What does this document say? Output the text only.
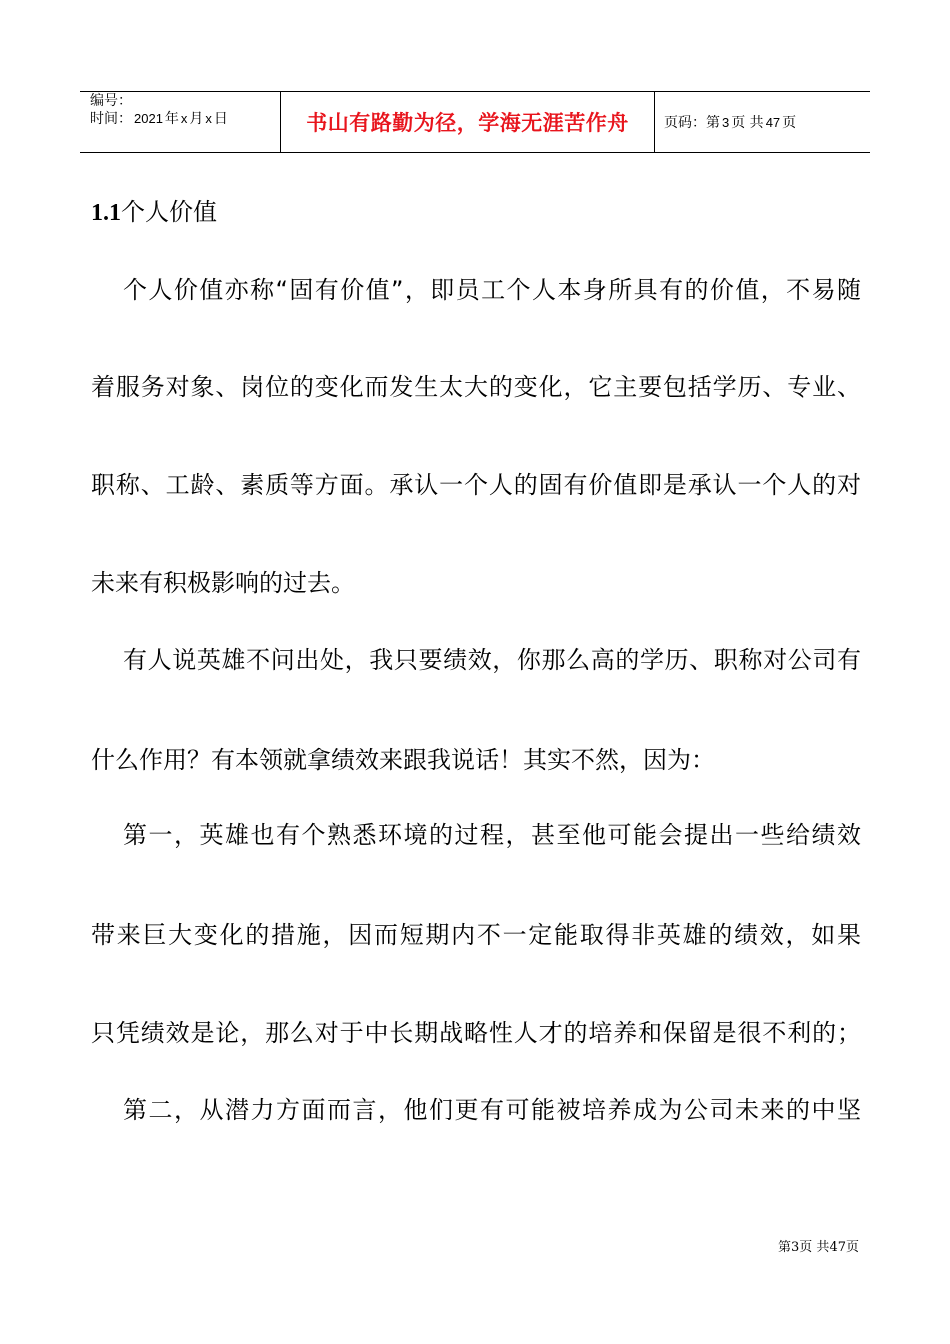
编号：
时间： 2021 年 x 月 x 日	书山有路勤为径，学海无涯苦作舟	页码：第 3 页 共 47 页
1.1个人价值
个人价值亦称“固有价值”，即员工个人本身所具有的价值，不易随
着服务对象、岗位的变化而发生太大的变化，它主要包括学历、专业、
职称、工龄、素质等方面。承认一个人的固有价值即是承认一个人的对
未来有积极影响的过去。
有人说英雄不问出处，我只要绩效，你那么高的学历、职称对公司有
什么作用？有本领就拿绩效来跟我说话！其实不然，因为：
第一，英雄也有个熟悉环境的过程，甚至他可能会提出一些给绩效
带来巨大变化的措施，因而短期内不一定能取得非英雄的绩效，如果
只凭绩效是论，那么对于中长期战略性人才的培养和保留是很不利的；
第二，从潜力方面而言，他们更有可能被培养成为公司未来的中坚
第3页 共47页
